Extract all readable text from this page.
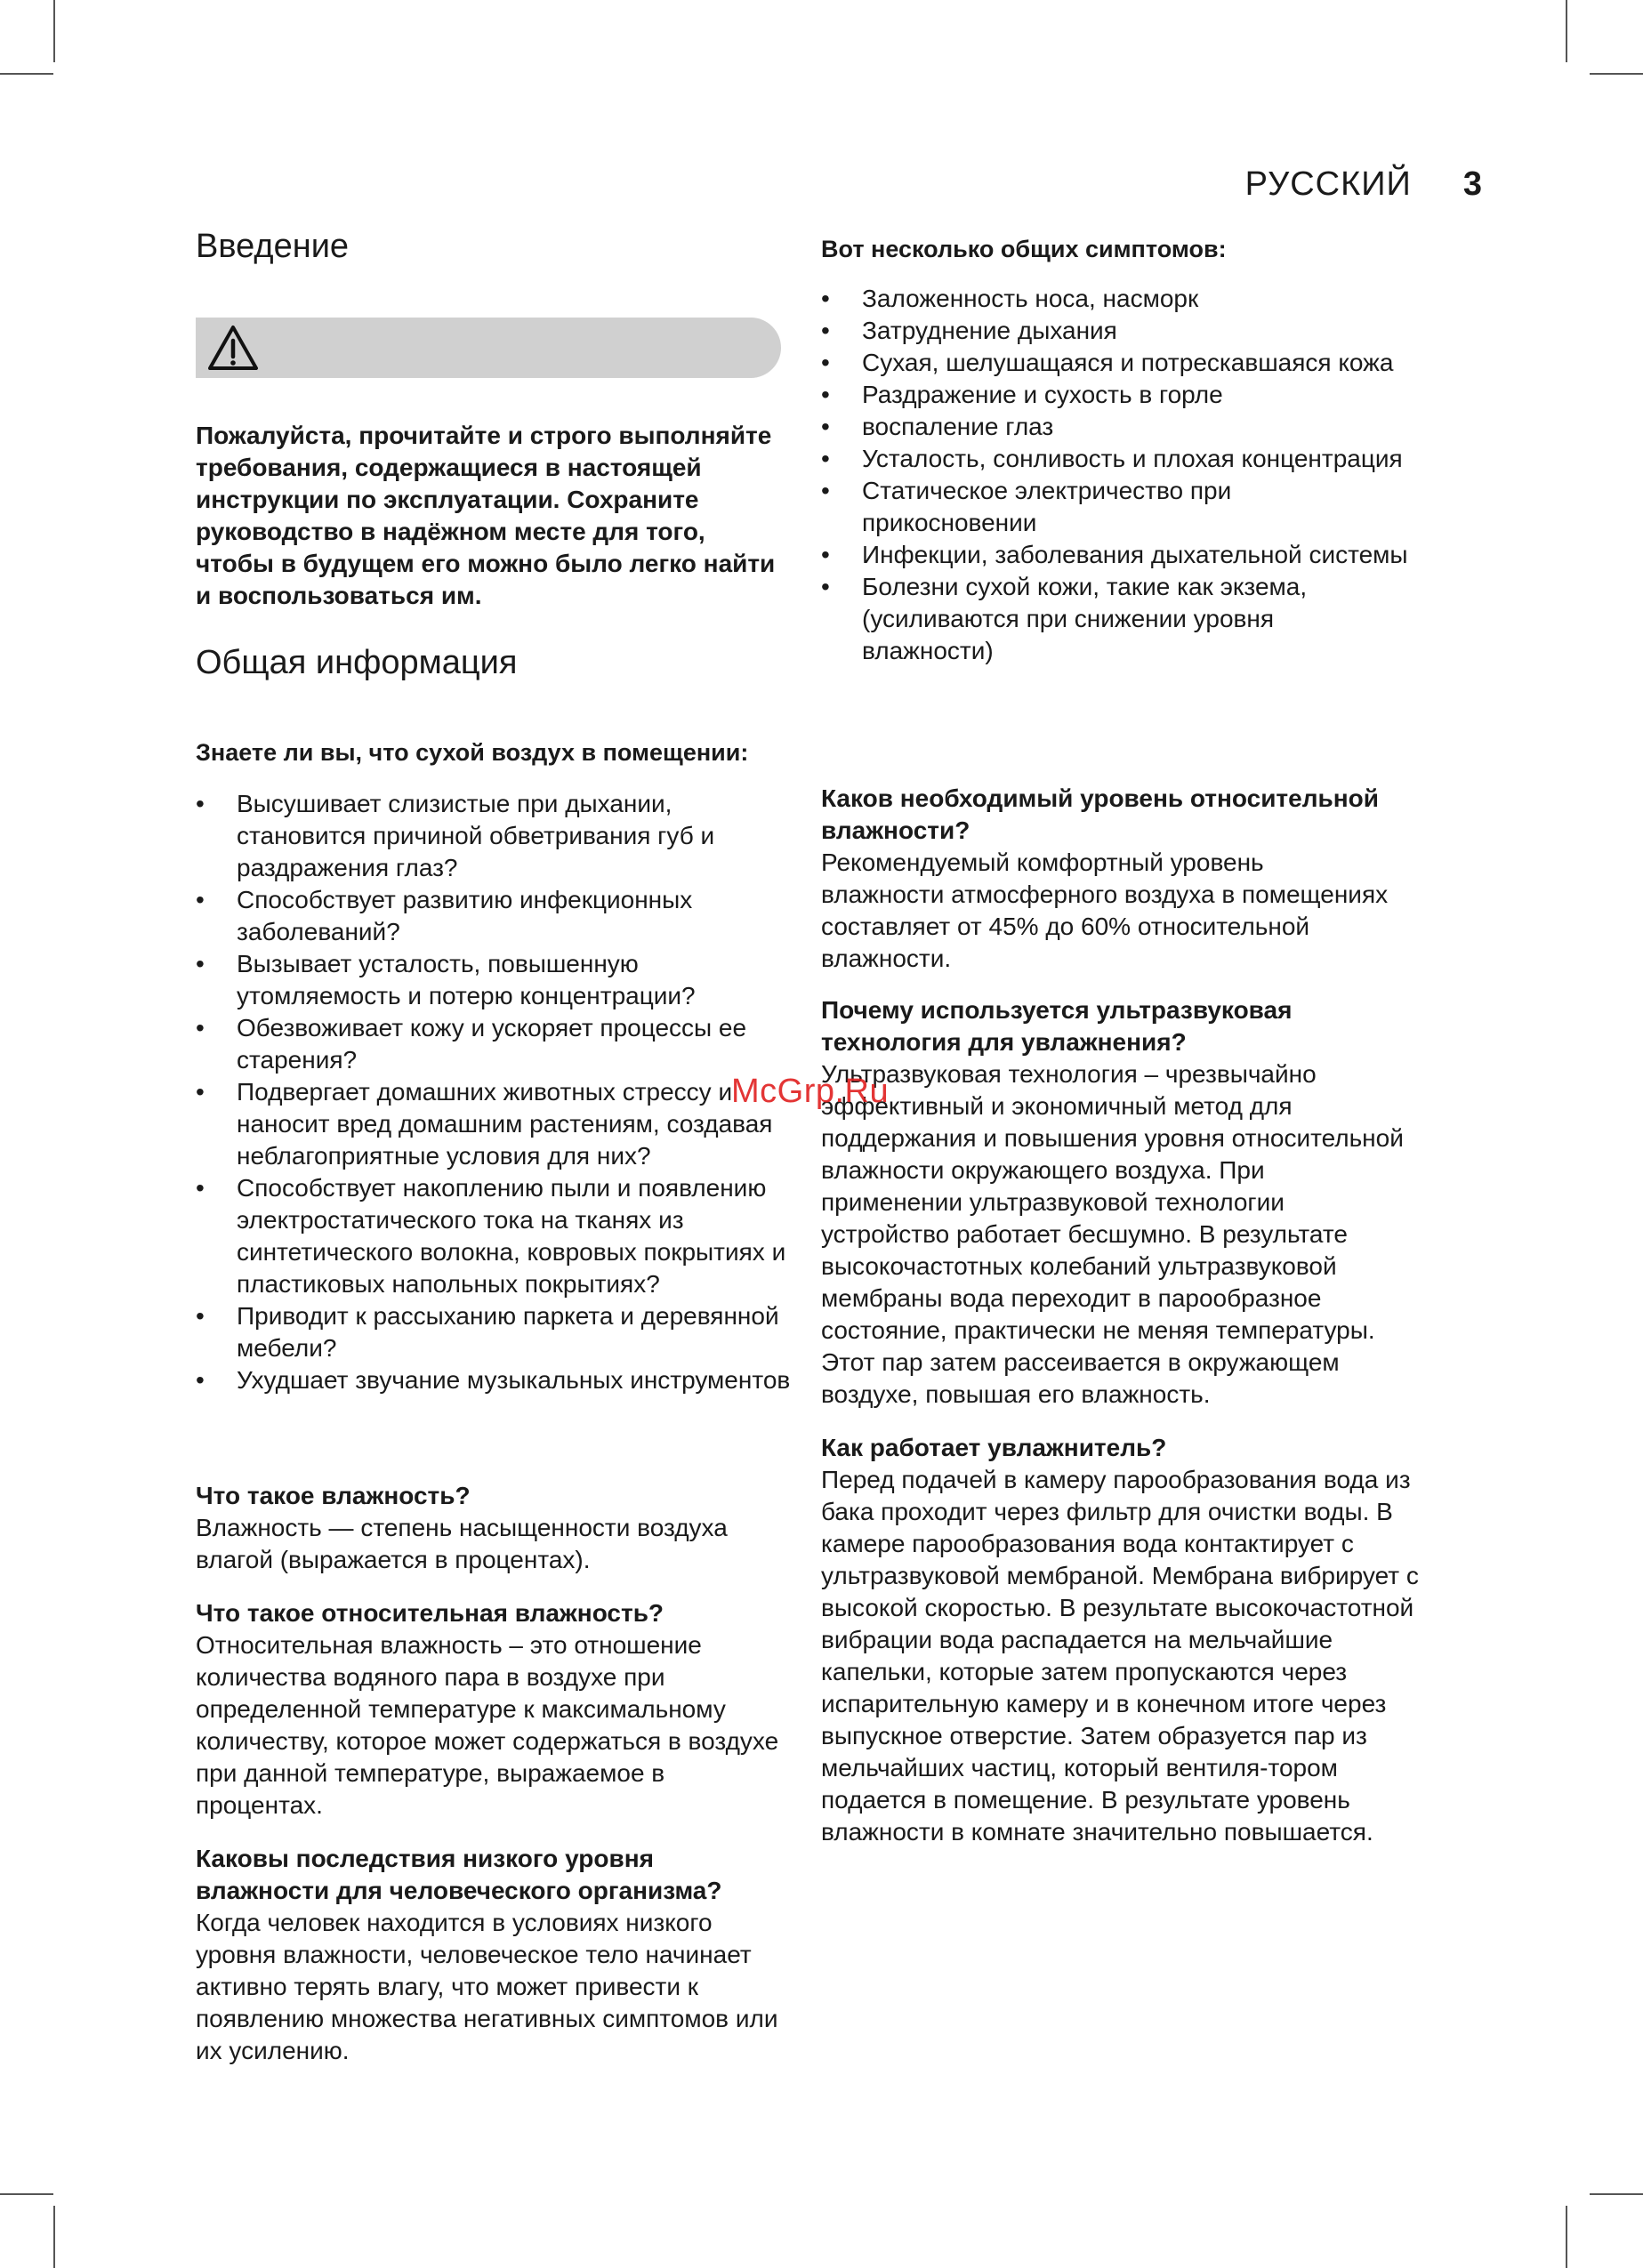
РУССКИЙ 3
Введение

Пожалуйста, прочитайте и строго выполняйте требования, содержащиеся в настоящей инструкции по эксплуатации. Сохраните руководство в надёжном месте для того, чтобы в будущем его можно было легко найти и воспользоваться им.

Общая информация

Знаете ли вы, что сухой воздух в помещении:

• Высушивает слизистые при дыхании, становится причиной обветривания губ и раздражения глаз?
• Способствует развитию инфекционных заболеваний?
• Вызывает усталость, повышенную утомляемость и потерю концентрации?
• Обезвоживает кожу и ускоряет процессы ее старения?
• Подвергает домашних животных стрессу и наносит вред домашним растениям, создавая неблагоприятные условия для них?
• Способствует накоплению пыли и появлению электростатического тока на тканях из синтетического волокна, ковровых покрытиях и пластиковых напольных покрытиях?
• Приводит к рассыханию паркета и деревянной мебели?
• Ухудшает звучание музыкальных инструментов
Что такое влажность?
Влажность — степень насыщенности воздуха влагой (выражается в процентах).
Что такое относительная влажность?
Относительная влажность – это отношение количества водяного пара в воздухе при определенной температуре к максимальному количеству, которое может содержаться в воздухе при данной температуре, выражаемое в процентах.
Каковы последствия низкого уровня влажности для человеческого организма?
Когда человек находится в условиях низкого уровня влажности, человеческое тело начинает активно терять влагу, что может привести к появлению множества негативных симптомов или их усилению.

Вот несколько общих симптомов:

• Заложенность носа, насморк
• Затруднение дыхания
• Сухая, шелушащаяся и потрескавшаяся кожа
• Раздражение и сухость в горле
• воспаление глаз
• Усталость, сонливость и плохая концентрация
• Статическое электричество при прикосновении
• Инфекции, заболевания дыхательной системы
• Болезни сухой кожи, такие как экзема, (усиливаются при снижении уровня влажности)
Каков необходимый уровень относительной влажности?
Рекомендуемый комфортный уровень влажности атмосферного воздуха в помещениях составляет от 45% до 60% относительной влажности.
Почему используется ультразвуковая технология для увлажнения?
Ультразвуковая технология – чрезвычайно эффективный и экономичный метод для поддержания и повышения уровня относительной влажности окружающего воздуха. При применении ультразвуковой технологии устройство работает бесшумно. В результате высокочастотных колебаний ультразвуковой мембраны вода переходит в парообразное состояние, практически не меняя температуры. Этот пар затем рассеивается в окружающем воздухе, повышая его влажность.
Как работает увлажнитель?
Перед подачей в камеру парообразования вода из бака проходит через фильтр для очистки воды. В камере парообразования вода контактирует с ультразвуковой мембраной. Мембрана вибрирует с высокой скоростью. В результате высокочастотной вибрации вода распадается на мельчайшие капельки, которые затем пропускаются через испарительную камеру и в конечном итоге через выпускное отверстие. Затем образуется пар из мельчайших частиц, который вентиля-тором подается в помещение. В результате уровень влажности в комнате значительно повышается.
McGrp.Ru
